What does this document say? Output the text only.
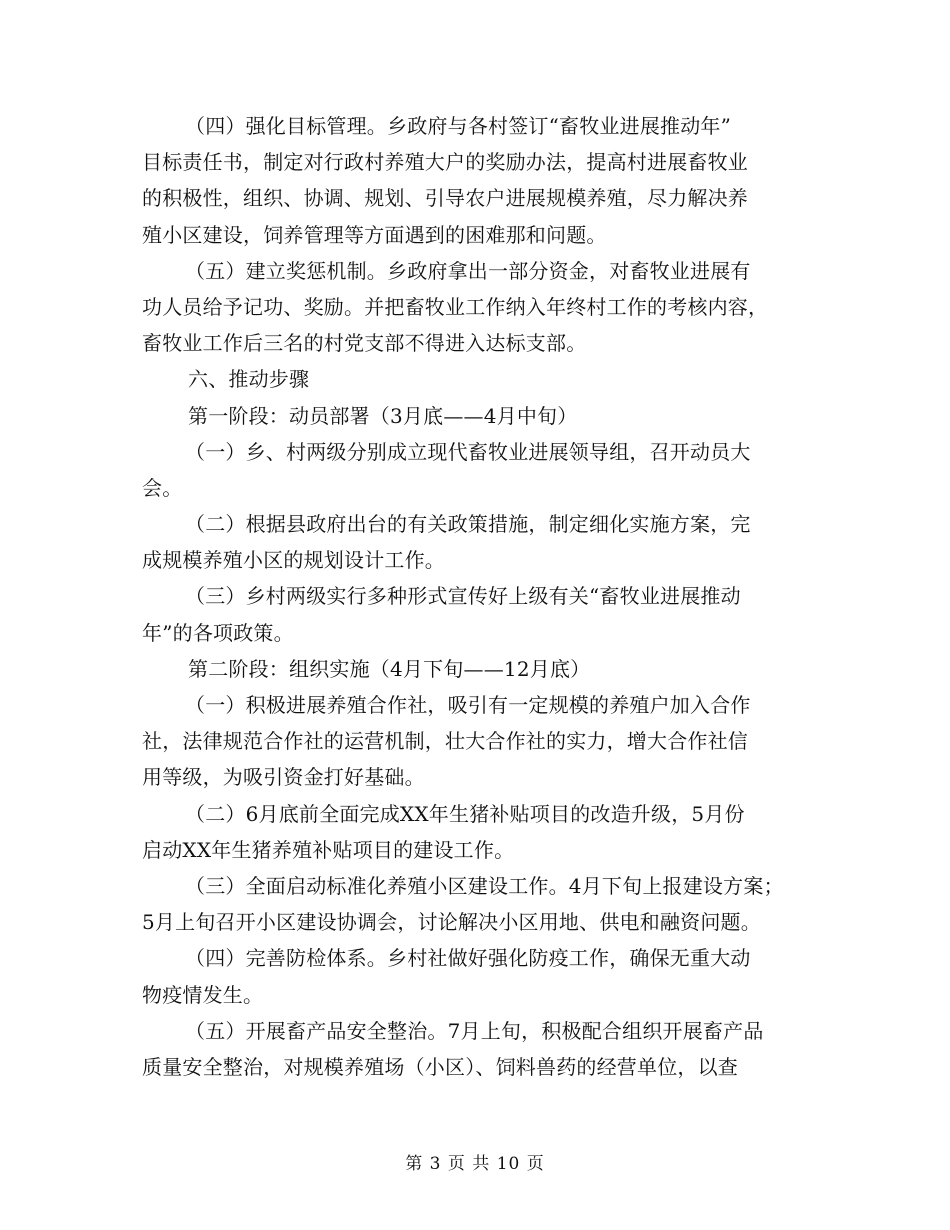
（四）强化目标管理。乡政府与各村签订“畜牧业进展推动年”
目标责任书，制定对行政村养殖大户的奖励办法，提高村进展畜牧业
的积极性，组织、协调、规划、引导农户进展规模养殖，尽力解决养
殖小区建设，饲养管理等方面遇到的困难那和问题。
（五）建立奖惩机制。乡政府拿出一部分资金，对畜牧业进展有
功人员给予记功、奖励。并把畜牧业工作纳入年终村工作的考核内容，
畜牧业工作后三名的村党支部不得进入达标支部。
六、推动步骤
第一阶段：动员部署（3月底——4月中旬）
（一）乡、村两级分别成立现代畜牧业进展领导组，召开动员大
会。
（二）根据县政府出台的有关政策措施，制定细化实施方案，完
成规模养殖小区的规划设计工作。
（三）乡村两级实行多种形式宣传好上级有关“畜牧业进展推动
年”的各项政策。
第二阶段：组织实施（4月下旬——12月底）
（一）积极进展养殖合作社，吸引有一定规模的养殖户加入合作
社，法律规范合作社的运营机制，壮大合作社的实力，增大合作社信
用等级，为吸引资金打好基础。
（二）6月底前全面完成XX年生猪补贴项目的改造升级，5月份
启动XX年生猪养殖补贴项目的建设工作。
（三）全面启动标准化养殖小区建设工作。4月下旬上报建设方案；
5月上旬召开小区建设协调会，讨论解决小区用地、供电和融资问题。
（四）完善防检体系。乡村社做好强化防疫工作，确保无重大动
物疫情发生。
（五）开展畜产品安全整治。7月上旬，积极配合组织开展畜产品
质量安全整治，对规模养殖场（小区）、饲料兽药的经营单位，以查
第 3 页 共 10 页
